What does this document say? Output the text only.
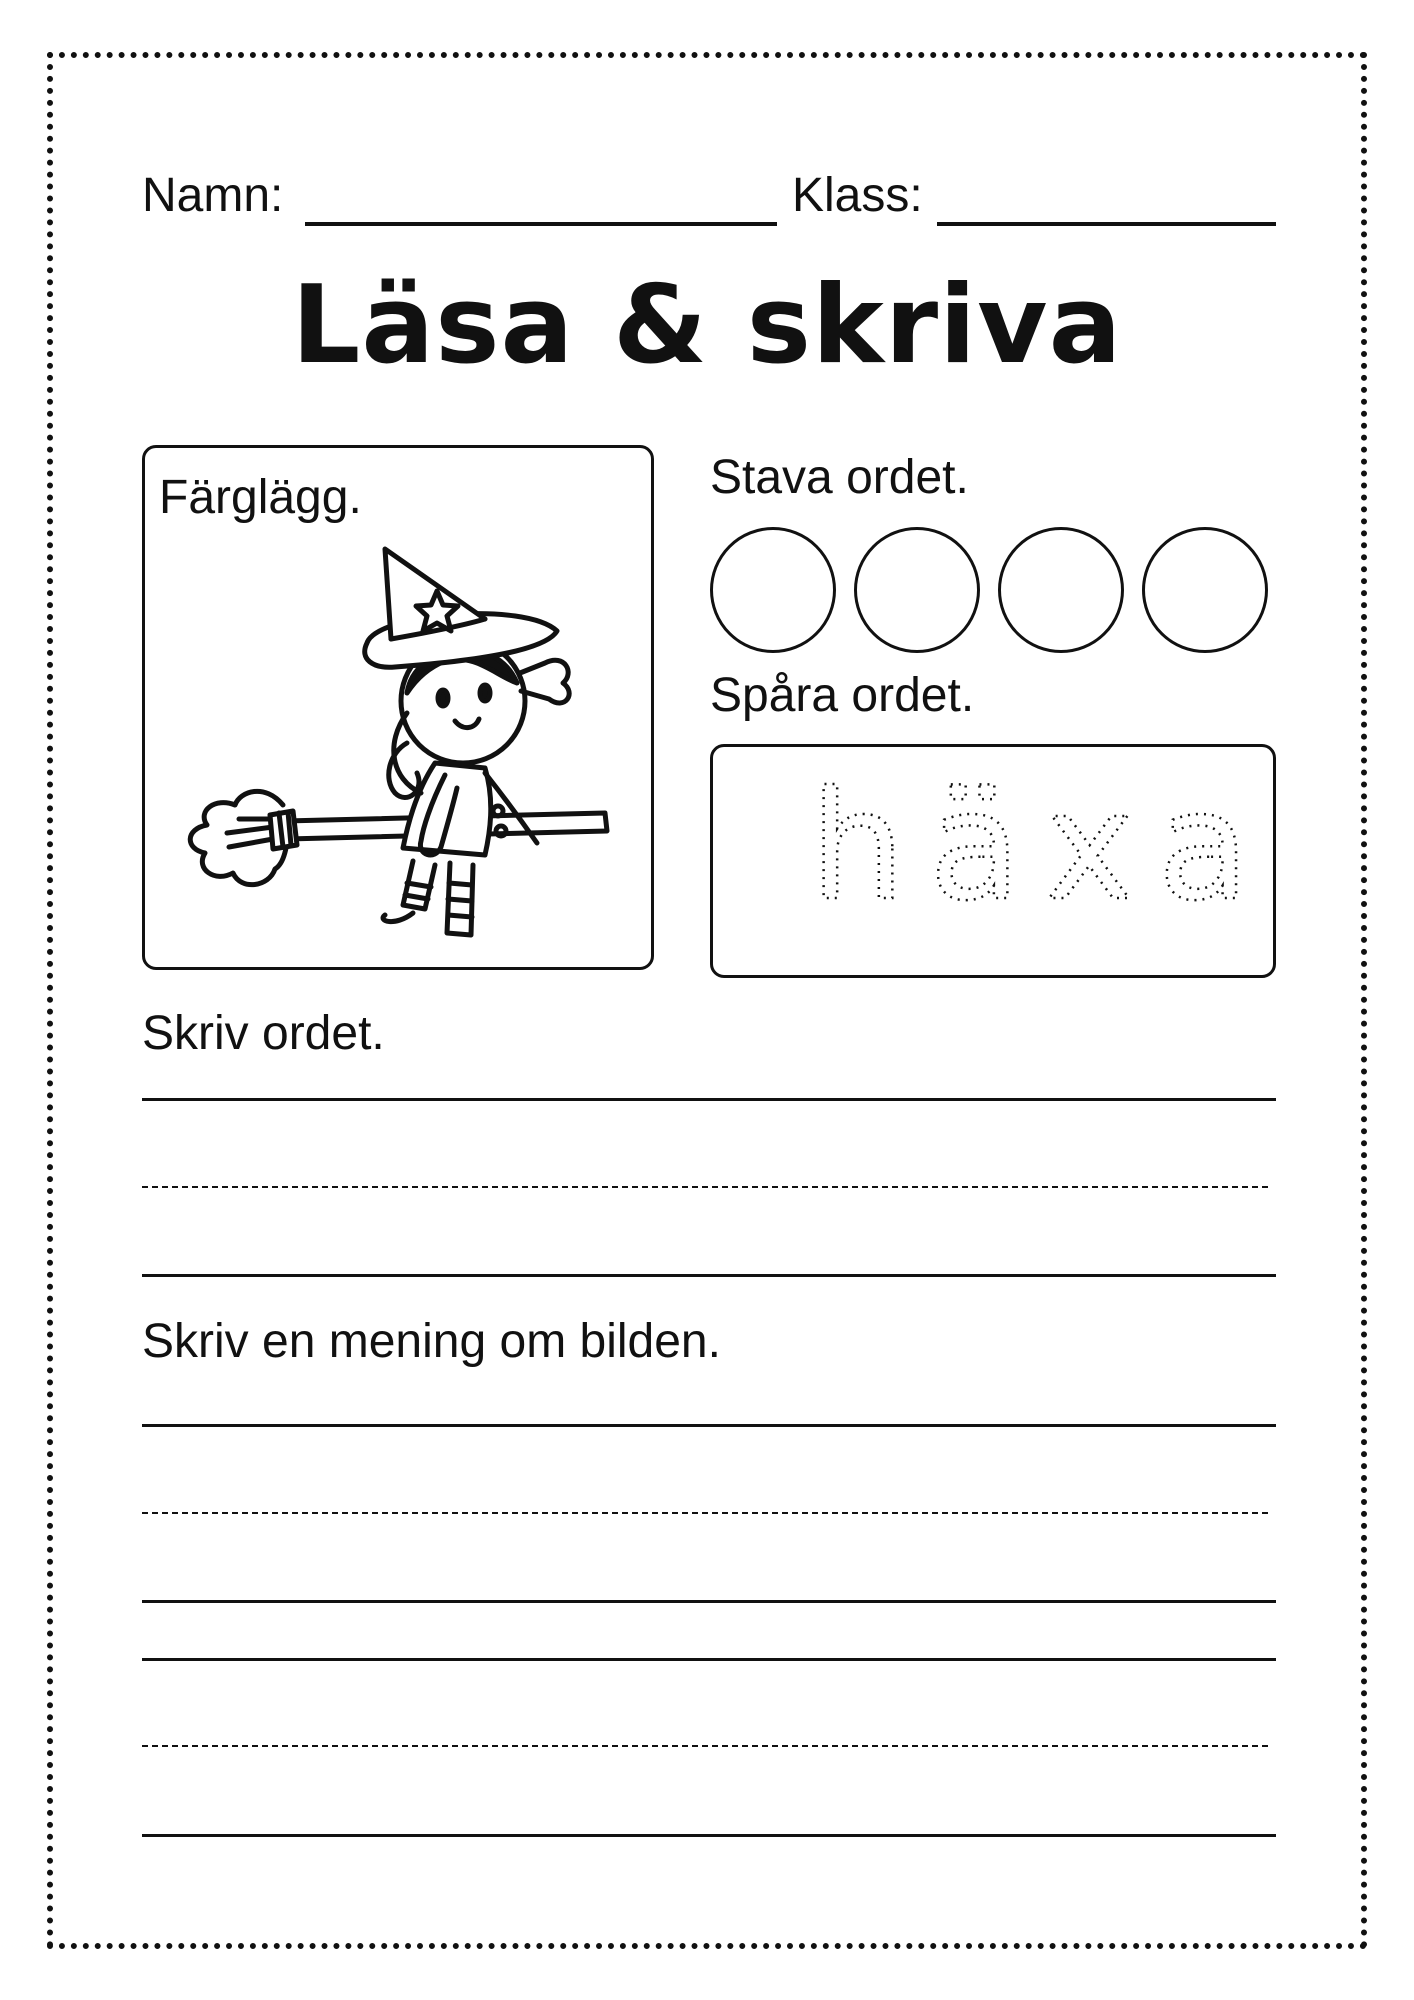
Namn:	Klass:
Läsa & skriva
Färglägg.	Stava ordet.
Spåra ordet.
häxa
Skriv ordet.
Skriv en mening om bilden.
